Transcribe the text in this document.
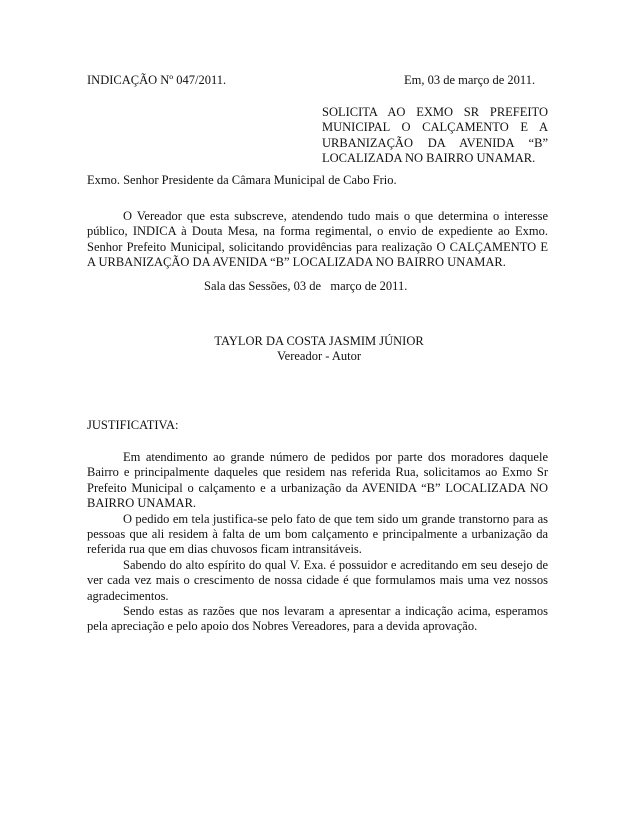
INDICAÇÃO Nº 047/2011.	Em, 03 de março de 2011.
SOLICITA AO EXMO SR PREFEITO
MUNICIPAL O CALÇAMENTO E A
URBANIZAÇÃO DA AVENIDA “B”
LOCALIZADA NO BAIRRO UNAMAR.
Exmo. Senhor Presidente da Câmara Municipal de Cabo Frio.
O Vereador que esta subscreve, atendendo tudo mais o que determina o interesse
público, INDICA à Douta Mesa, na forma regimental, o envio de expediente ao Exmo.
Senhor Prefeito Municipal, solicitando providências para realização O CALÇAMENTO E
A URBANIZAÇÃO DA AVENIDA “B” LOCALIZADA NO BAIRRO UNAMAR.
Sala das Sessões, 03 de   março de 2011.
TAYLOR DA COSTA JASMIM JÚNIOR
Vereador - Autor
JUSTIFICATIVA:
Em atendimento ao grande número de pedidos por parte dos moradores daquele
Bairro e principalmente daqueles que residem nas referida Rua, solicitamos ao Exmo Sr
Prefeito Municipal o calçamento e a urbanização da AVENIDA “B” LOCALIZADA NO
BAIRRO UNAMAR.
O pedido em tela justifica-se pelo fato de que tem sido um grande transtorno para as
pessoas que ali residem à falta de um bom calçamento e principalmente a urbanização da
referida rua que em dias chuvosos ficam intransitáveis.
Sabendo do alto espírito do qual V. Exa. é possuidor e acreditando em seu desejo de
ver cada vez mais o crescimento de nossa cidade é que formulamos mais uma vez nossos
agradecimentos.
Sendo estas as razões que nos levaram a apresentar a indicação acima, esperamos
pela apreciação e pelo apoio dos Nobres Vereadores, para a devida aprovação.
